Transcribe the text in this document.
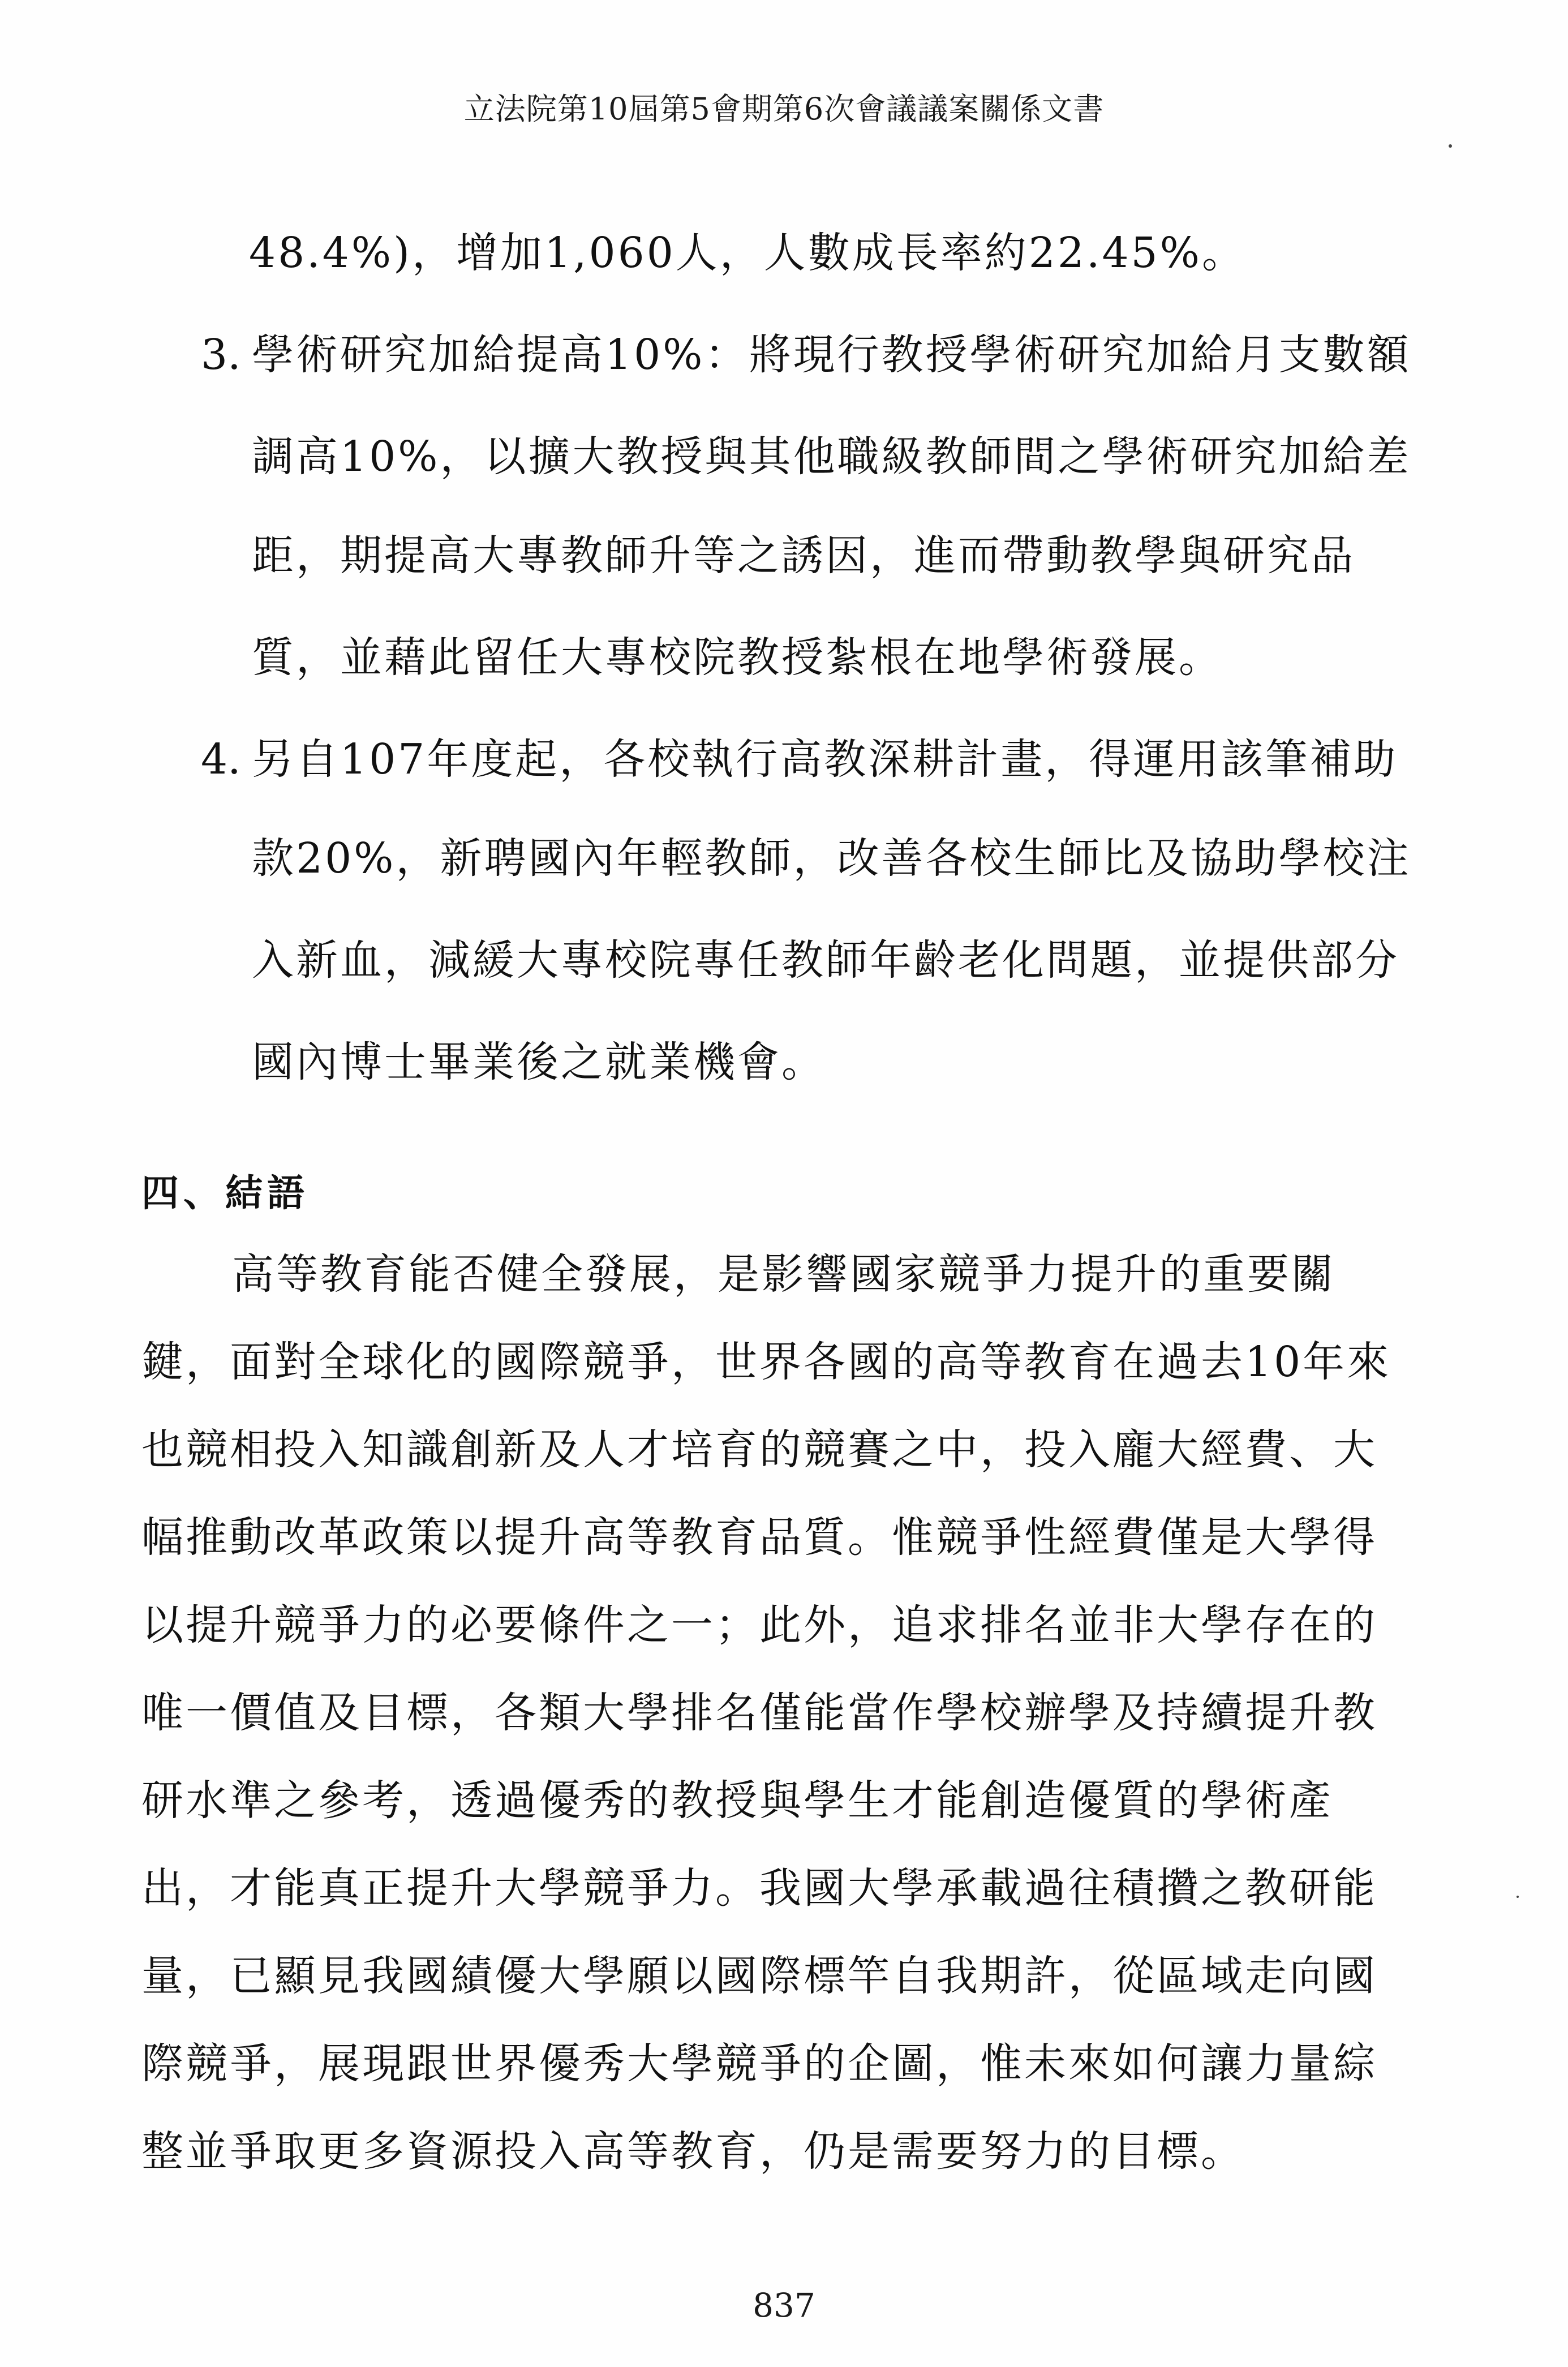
立法院第10屆第5會期第6次會議議案關係文書
48.4%)，增加1,060人，人數成長率約22.45%。
3. 學術研究加給提高10%：將現行教授學術研究加給月支數額
調高10%，以擴大教授與其他職級教師間之學術研究加給差
距，期提高大專教師升等之誘因，進而帶動教學與研究品
質，並藉此留任大專校院教授紮根在地學術發展。
4. 另自107年度起，各校執行高教深耕計畫，得運用該筆補助
款20%，新聘國內年輕教師，改善各校生師比及協助學校注
入新血，減緩大專校院專任教師年齡老化問題，並提供部分
國內博士畢業後之就業機會。
四、結語
高等教育能否健全發展，是影響國家競爭力提升的重要關
鍵，面對全球化的國際競爭，世界各國的高等教育在過去10年來
也競相投入知識創新及人才培育的競賽之中，投入龐大經費、大
幅推動改革政策以提升高等教育品質。惟競爭性經費僅是大學得
以提升競爭力的必要條件之一；此外，追求排名並非大學存在的
唯一價值及目標，各類大學排名僅能當作學校辦學及持續提升教
研水準之參考，透過優秀的教授與學生才能創造優質的學術產
出，才能真正提升大學競爭力。我國大學承載過往積攢之教研能
量，已顯見我國績優大學願以國際標竿自我期許，從區域走向國
際競爭，展現跟世界優秀大學競爭的企圖，惟未來如何讓力量綜
整並爭取更多資源投入高等教育，仍是需要努力的目標。
837
